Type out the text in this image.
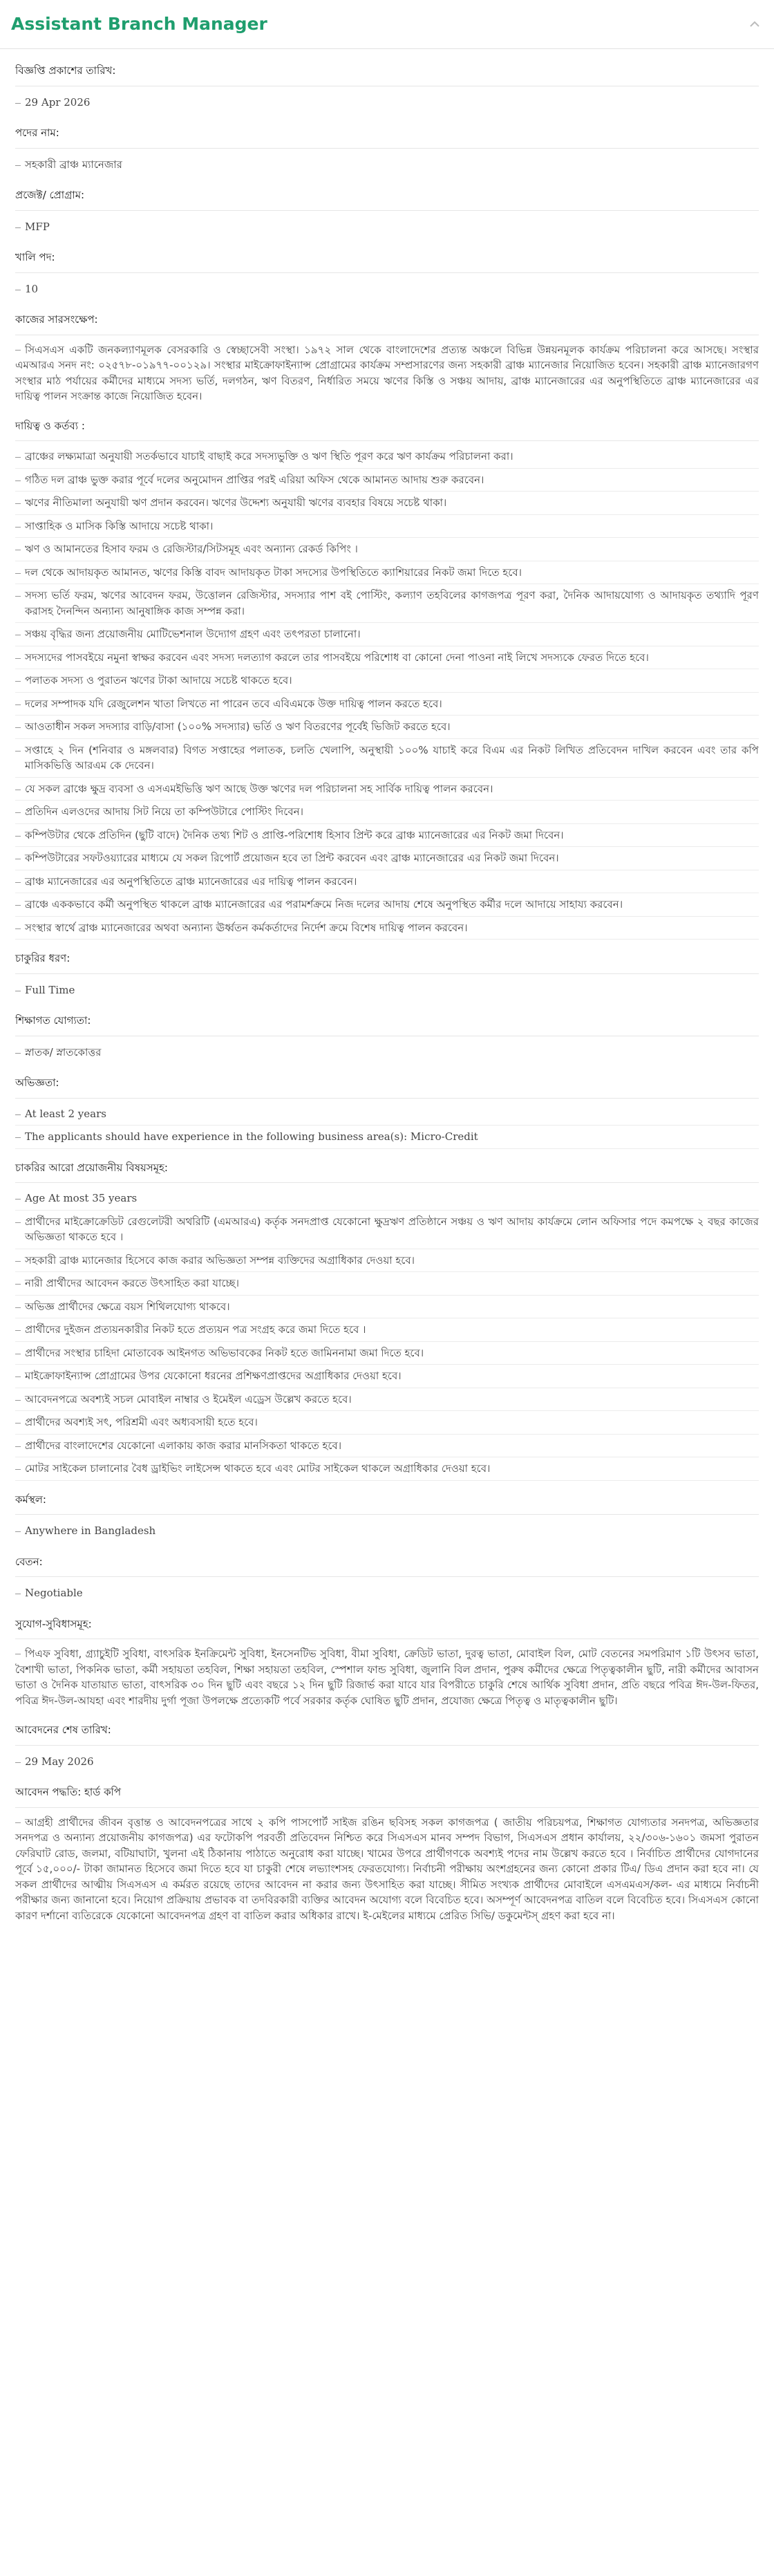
Assistant Branch Manager
বিজ্ঞপ্তি প্রকাশের তারিখ:
29 Apr 2026
পদের নাম:
সহকারী ব্রাঞ্চ ম্যানেজার
প্রজেক্ট/ প্রোগ্রাম:
MFP
খালি পদ:
10
কাজের সারসংক্ষেপ:
সিএসএস একটি জনকল্যাণমূলক বেসরকারি ও স্বেচ্ছাসেবী সংস্থা। ১৯৭২ সাল থেকে বাংলাদেশের প্রত্যন্ত অঞ্চলে বিভিন্ন উন্নয়নমূলক কার্যক্রম পরিচালনা করে আসছে। সংস্থার এমআরএ সনদ নং: ০২৫৭৮-০১৯৭৭-০০১২৯। সংস্থার মাইক্রোফাইন্যান্স প্রোগ্রামের কার্যক্রম সম্প্রসারণের জন্য সহকারী ব্রাঞ্চ ম্যানেজার নিয়োজিত হবেন। সহকারী ব্রাঞ্চ ম্যানেজারগণ সংস্থার মাঠ পর্যায়ের কর্মীদের মাধ্যমে সদস্য ভর্তি, দলগঠন, ঋণ বিতরণ, নির্ধারিত সময়ে ঋণের কিস্তি ও সঞ্চয় আদায়, ব্রাঞ্চ ম্যানেজারের এর অনুপস্থিতিতে ব্রাঞ্চ ম্যানেজারের এর দায়িত্ব পালন সংক্রান্ত কাজে নিয়োজিত হবেন।
দায়িত্ব ও কর্তব্য :
ব্রাঞ্চের লক্ষ্যমাত্রা অনুযায়ী সতর্কভাবে যাচাই বাছাই করে সদস্যভুক্তি ও ঋণ স্থিতি পূরণ করে ঋণ কার্যক্রম পরিচালনা করা।
গঠিত দল ব্রাঞ্চ ভুক্ত করার পূর্বে দলের অনুমোদন প্রাপ্তির পরই এরিয়া অফিস থেকে আমানত আদায় শুরু করবেন।
ঋণের নীতিমালা অনুযায়ী ঋণ প্রদান করবেন। ঋণের উদ্দেশ্য অনুযায়ী ঋণের ব্যবহার বিষয়ে সচেষ্ট থাকা।
সাপ্তাহিক ও মাসিক কিস্তি আদায়ে সচেষ্ট থাকা।
ঋণ ও আমানতের হিসাব ফরম ও রেজিস্টার/সিটসমূহ এবং অন্যান্য রেকর্ড কিপিং ।
দল থেকে আদায়কৃত আমানত, ঋণের কিস্তি বাবদ আদায়কৃত টাকা সদস্যের উপস্থিতিতে ক্যাশিয়ারের নিকট জমা দিতে হবে।
সদস্য ভর্তি ফরম, ঋণের আবেদন ফরম, উত্তোলন রেজিস্টার, সদস্যার পাশ বই পোস্টিং, কল্যাণ তহবিলের কাগজপত্র পূরণ করা, দৈনিক আদায়যোগ্য ও আদায়কৃত তথ্যাদি পূরণ করাসহ দৈনন্দিন অন্যান্য আনুষাঙ্গিক কাজ সম্পন্ন করা।
সঞ্চয় বৃদ্ধির জন্য প্রয়োজনীয় মোটিভেশনাল উদ্যোগ গ্রহণ এবং তৎপরতা চালানো।
সদস্যদের পাসবইয়ে নমুনা স্বাক্ষর করবেন এবং সদস্য দলত্যাগ করলে তার পাসবইয়ে পরিশোধ বা কোনো দেনা পাওনা নাই লিখে সদস্যকে ফেরত দিতে হবে।
পলাতক সদস্য ও পুরাতন ঋণের টাকা আদায়ে সচেষ্ট থাকতে হবে।
দলের সম্পাদক যদি রেজুলেশন খাতা লিখতে না পারেন তবে এবিএমকে উক্ত দায়িত্ব পালন করতে হবে।
আওতাধীন সকল সদস্যার বাড়ি/বাসা (১০০% সদস্যার) ভর্তি ও ঋণ বিতরণের পূর্বেই ভিজিট করতে হবে।
সপ্তাহে ২ দিন (শনিবার ও মঙ্গলবার) বিগত সপ্তাহের পলাতক, চলতি খেলাপি, অনুস্থায়ী ১০০% যাচাই করে বিএম এর নিকট লিখিত প্রতিবেদন দাখিল করবেন এবং তার কপি মাসিকভিত্তি আরএম কে দেবেন।
যে সকল ব্রাঞ্চে ক্ষুদ্র ব্যবসা ও এসএমইভিত্তি ঋণ আছে উক্ত ঋণের দল পরিচালনা সহ সার্বিক দায়িত্ব পালন করবেন।
প্রতিদিন এলওদের আদায় সিট নিয়ে তা কম্পিউটারে পোস্টিং দিবেন।
কম্পিউটার থেকে প্রতিদিন (ছুটি বাদে) দৈনিক তথ্য শিট ও প্রাপ্তি-পরিশোধ হিসাব প্রিন্ট করে ব্রাঞ্চ ম্যানেজারের এর নিকট জমা দিবেন।
কম্পিউটারের সফটওয়্যারের মাধ্যমে যে সকল রিপোর্ট প্রয়োজন হবে তা প্রিন্ট করবেন এবং ব্রাঞ্চ ম্যানেজারের এর নিকট জমা দিবেন।
ব্রাঞ্চ ম্যানেজারের এর অনুপস্থিতিতে ব্রাঞ্চ ম্যানেজারের এর দায়িত্ব পালন করবেন।
ব্রাঞ্চে এককভাবে কর্মী অনুপস্থিত থাকলে ব্রাঞ্চ ম্যানেজারের এর পরামর্শক্রমে নিজ দলের আদায় শেষে অনুপস্থিত কর্মীর দলে আদায়ে সাহায্য করবেন।
সংস্থার স্বার্থে ব্রাঞ্চ ম্যানেজারের অথবা অন্যান্য ঊর্ধ্বতন কর্মকর্তাদের নির্দেশ ক্রমে বিশেষ দায়িত্ব পালন করবেন।
চাকুরির ধরণ:
Full Time
শিক্ষাগত যোগ্যতা:
স্নাতক/ স্নাতকোত্তর
অভিজ্ঞতা:
At least 2 years
The applicants should have experience in the following business area(s): Micro-Credit
চাকরির আরো প্রয়োজনীয় বিষয়সমূহ:
Age At most 35 years
প্রার্থীদের মাইক্রোক্রেডিট রেগুলেটরী অথরিটি (এমআরএ) কর্তৃক সনদপ্রাপ্ত যেকোনো ক্ষুদ্রঋণ প্রতিষ্ঠানে সঞ্চয় ও ঋণ আদায় কার্যক্রমে লোন অফিসার পদে কমপক্ষে ২ বছর কাজের অভিজ্ঞতা থাকতে হবে ।
সহকারী ব্রাঞ্চ ম্যানেজার হিসেবে কাজ করার অভিজ্ঞতা সম্পন্ন ব্যক্তিদের অগ্রাধিকার দেওয়া হবে।
নারী প্রার্থীদের আবেদন করতে উৎসাহিত করা যাচ্ছে।
অভিজ্ঞ প্রার্থীদের ক্ষেত্রে বয়স শিথিলযোগ্য থাকবে।
প্রার্থীদের দুইজন প্রত্যয়নকারীর নিকট হতে প্রত্যয়ন পত্র সংগ্রহ করে জমা দিতে হবে ।
প্রার্থীদের সংস্থার চাহিদা মোতাবেক আইনগত অভিভাবকের নিকট হতে জামিননামা জমা দিতে হবে।
মাইক্রোফাইন্যান্স প্রোগ্রামের উপর যেকোনো ধরনের প্রশিক্ষণপ্রাপ্তদের অগ্রাধিকার দেওয়া হবে।
আবেদনপত্রে অবশ্যই সচল মোবাইল নাম্বার ও ইমেইল এড্রেস উল্লেখ করতে হবে।
প্রার্থীদের অবশ্যই সৎ, পরিশ্রমী এবং অধ্যবসায়ী হতে হবে।
প্রার্থীদের বাংলাদেশের যেকোনো এলাকায় কাজ করার মানসিকতা থাকতে হবে।
মোটর সাইকেল চালানোর বৈধ ড্রাইভিং লাইসেন্স থাকতে হবে এবং মোটর সাইকেল থাকলে অগ্রাধিকার দেওয়া হবে।
কর্মস্থল:
Anywhere in Bangladesh
বেতন:
Negotiable
সুযোগ-সুবিধাসমূহ:
পিএফ সুবিধা, গ্র্যাচুইটি সুবিধা, বাৎসরিক ইনক্রিমেন্ট সুবিধা, ইনসেনটিভ সুবিধা, বীমা সুবিধা, ক্রেডিট ভাতা, দুরত্ব ভাতা, মোবাইল বিল, মোট বেতনের সমপরিমাণ ১টি উৎসব ভাতা, বৈশাখী ভাতা, পিকনিক ভাতা, কর্মী সহায়তা তহবিল, শিক্ষা সহায়তা তহবিল, স্পেশাল ফান্ড সুবিধা, জুলানি বিল প্রদান, পুরুষ কর্মীদের ক্ষেত্রে পিতৃত্বকালীন ছুটি, নারী কর্মীদের আবাসন ভাতা ও দৈনিক যাতায়াত ভাতা, বাৎসরিক ৩০ দিন ছুটি এবং বছরে ১২ দিন ছুটি রিজার্ভ করা যাবে যার বিপরীতে চাকুরি শেষে আর্থিক সুবিধা প্রদান, প্রতি বছরে পবিত্র ঈদ-উল-ফিতর, পবিত্র ঈদ-উল-আযহা এবং শারদীয় দুর্গা পূজা উপলক্ষে প্রত্যেকটি পর্বে সরকার কর্তৃক ঘোষিত ছুটি প্রদান, প্রযোজ্য ক্ষেত্রে পিতৃত্ব ও মাতৃত্বকালীন ছুটি।
আবেদনের শেষ তারিখ:
29 May 2026
আবেদন পদ্ধতি: হার্ড কপি
আগ্রহী প্রার্থীদের জীবন বৃত্তান্ত ও আবেদনপত্রের সাথে ২ কপি পাসপোর্ট সাইজ রঙিন ছবিসহ সকল কাগজপত্র ( জাতীয় পরিচয়পত্র, শিক্ষাগত যোগ্যতার সনদপত্র, অভিজ্ঞতার সনদপত্র ও অন্যান্য প্রয়োজনীয় কাগজপত্র) এর ফটোকপি পরবর্তী প্রতিবেদন নিশ্চিত করে সিএসএস মানব সম্পদ বিভাগ, সিএসএস প্রধান কার্যালয়, ২২/৩০৬-১৬০১ জমসা পুরাতন ফেরিঘাট রোড, জলমা, বটিয়াঘাটা, খুলনা এই ঠিকানায় পাঠাতে অনুরোধ করা যাচ্ছে। খামের উপরে প্রার্থীগণকে অবশ্যই পদের নাম উল্লেখ করতে হবে । নির্বাচিত প্রার্থীদের যোগদানের পূর্বে ১৫,০০০/- টাকা জামানত হিসেবে জমা দিতে হবে যা চাকুরী শেষে লভ্যাংশসহ ফেরতযোগ্য। নির্বাচনী পরীক্ষায় অংশগ্রহনের জন্য কোনো প্রকার টিএ/ ডিএ প্রদান করা হবে না। যে সকল প্রার্থীদের আত্মীয় সিএসএস এ কর্মরত রয়েছে তাদের আবেদন না করার জন্য উৎসাহিত করা যাচ্ছে। সীমিত সংখ্যক প্রার্থীদের মোবাইলে এসএমএস/কল- এর মাধ্যমে নির্বাচনী পরীক্ষার জন্য জানানো হবে। নিয়োগ প্রক্রিয়ায় প্রভাবক বা তদবিরকারী ব্যক্তির আবেদন অযোগ্য বলে বিবেচিত হবে। অসম্পূর্ণ আবেদনপত্র বাতিল বলে বিবেচিত হবে। সিএসএস কোনো কারণ দর্শানো ব্যতিরেকে যেকোনো আবেদনপত্র গ্রহণ বা বাতিল করার অধিকার রাখে। ই-মেইলের মাধ্যমে প্রেরিত সিভি/ ডকুমেন্টস্ গ্রহণ করা হবে না।
